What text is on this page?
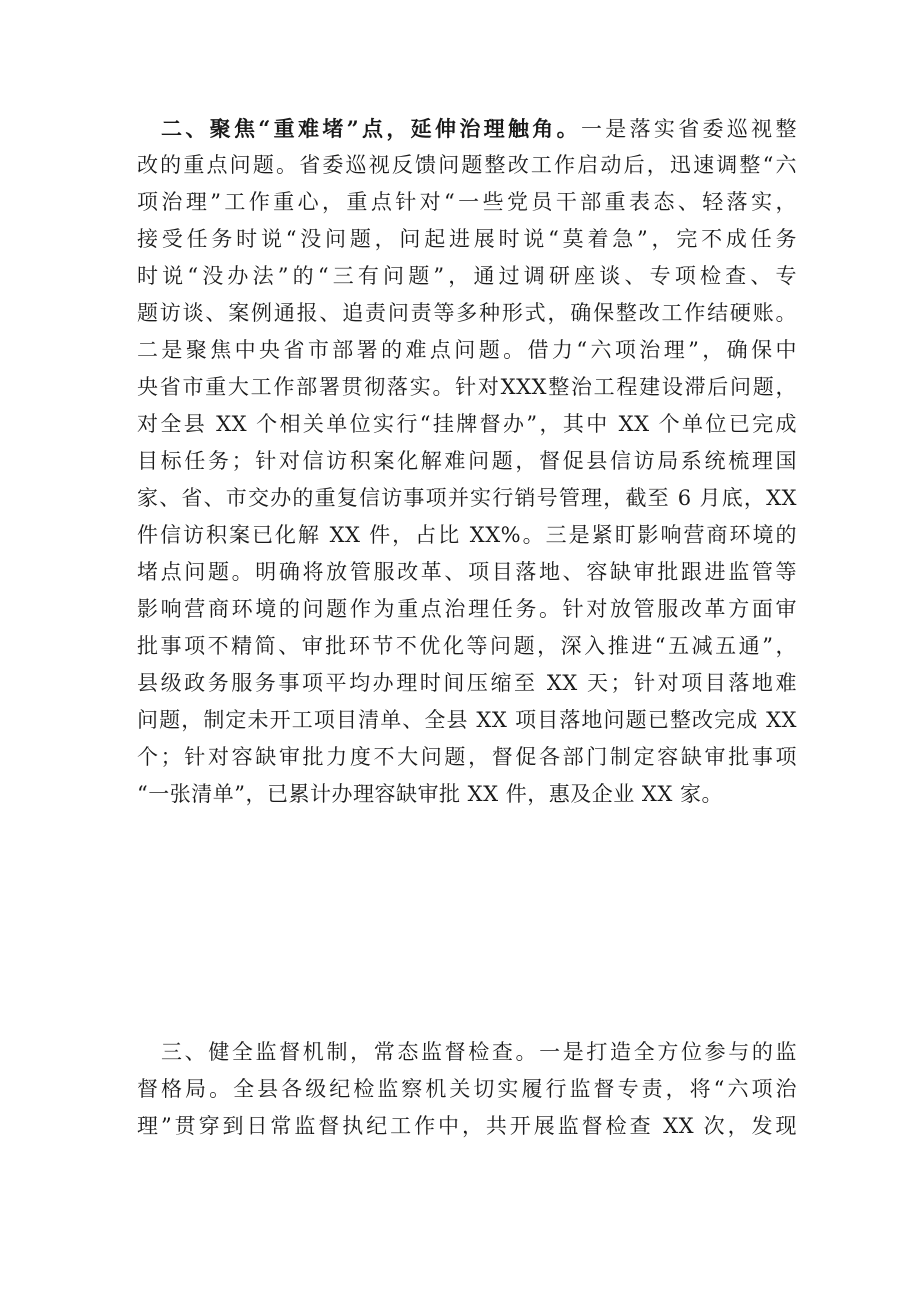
二、聚焦“重难堵”点，延伸治理触角。一是落实省委巡视整
改的重点问题。省委巡视反馈问题整改工作启动后，迅速调整“六
项治理”工作重心，重点针对“一些党员干部重表态、轻落实，
接受任务时说“没问题，问起进展时说“莫着急”，完不成任务
时说“没办法”的“三有问题”，通过调研座谈、专项检查、专
题访谈、案例通报、追责问责等多种形式，确保整改工作结硬账。
二是聚焦中央省市部署的难点问题。借力“六项治理”，确保中
央省市重大工作部署贯彻落实。针对XXX整治工程建设滞后问题，
对全县 XX 个相关单位实行“挂牌督办”，其中 XX 个单位已完成
目标任务；针对信访积案化解难问题，督促县信访局系统梳理国
家、省、市交办的重复信访事项并实行销号管理，截至 6 月底，XX
件信访积案已化解 XX 件，占比 XX%。三是紧盯影响营商环境的
堵点问题。明确将放管服改革、项目落地、容缺审批跟进监管等
影响营商环境的问题作为重点治理任务。针对放管服改革方面审
批事项不精简、审批环节不优化等问题，深入推进“五减五通”，
县级政务服务事项平均办理时间压缩至 XX 天；针对项目落地难
问题，制定未开工项目清单、全县 XX 项目落地问题已整改完成 XX
个；针对容缺审批力度不大问题，督促各部门制定容缺审批事项
“一张清单”，已累计办理容缺审批 XX 件，惠及企业 XX 家。
三、健全监督机制，常态监督检查。一是打造全方位参与的监
督格局。全县各级纪检监察机关切实履行监督专责，将“六项治
理”贯穿到日常监督执纪工作中，共开展监督检查 XX 次，发现
